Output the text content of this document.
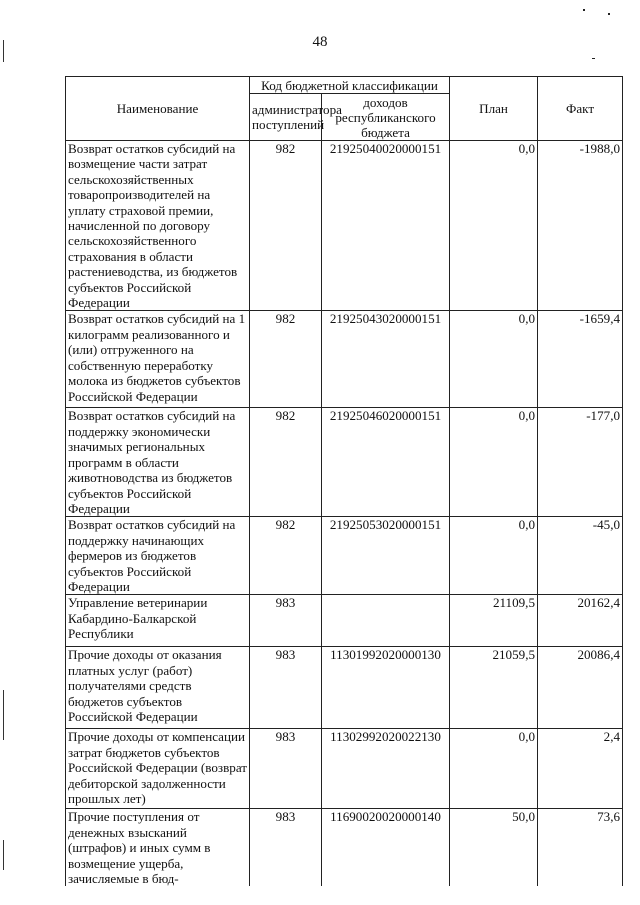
48
Наименование	Код бюджетной классификации		План	Факт
	администратора поступлений	доходов республиканского бюджета		
Возврат остатков субсидий на возмещение части затрат сельскохозяйственных товаропроизводителей на уплату страховой премии, начисленной по договору сельскохозяйственного страхования в области растениеводства, из бюджетов субъектов Российской Федерации	982	21925040020000151	0,0	-1988,0
Возврат остатков субсидий на 1 килограмм реализованного и (или) отгруженного на собственную переработку молока из бюджетов субъектов Российской Федерации	982	21925043020000151	0,0	-1659,4
Возврат остатков субсидий на поддержку экономически значимых региональных программ в области животноводства из бюджетов субъектов Российской Федерации	982	21925046020000151	0,0	-177,0
Возврат остатков субсидий на поддержку начинающих фермеров из бюджетов субъектов Российской Федерации	982	21925053020000151	0,0	-45,0
Управление ветеринарии Кабардино-Балкарской Республики	983		21109,5	20162,4
Прочие доходы от оказания платных услуг (работ) получателями средств бюджетов субъектов Российской Федерации	983	11301992020000130	21059,5	20086,4
Прочие доходы от компенсации затрат бюджетов субъектов Российской Федерации (возврат дебиторской задолженности прошлых лет)	983	11302992020022130	0,0	2,4
Прочие поступления от денежных взысканий (штрафов) и иных сумм в возмещение ущерба, зачисляемые в бюд-	983	11690020020000140	50,0	73,6
